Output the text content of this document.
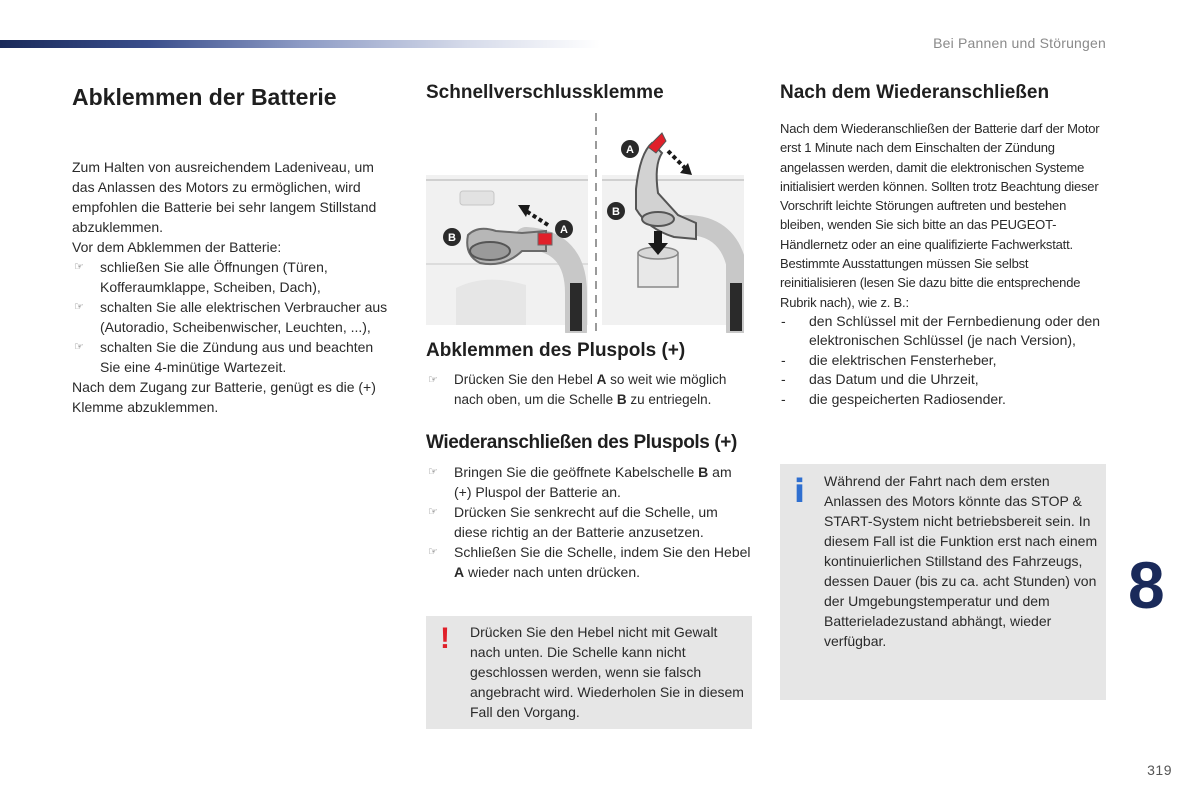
Bei Pannen und Störungen
Abklemmen der Batterie

Zum Halten von ausreichendem Ladeniveau, um das Anlassen des Motors zu ermöglichen, wird empfohlen die Batterie bei sehr langem Stillstand abzuklemmen.

Vor dem Abklemmen der Batterie:

☞ schließen Sie alle Öffnungen (Türen, Kofferaumklappe, Scheiben, Dach),
☞ schalten Sie alle elektrischen Verbraucher aus (Autoradio, Scheibenwischer, Leuchten, ...),
☞ schalten Sie die Zündung aus und beachten Sie eine 4-minütige Wartezeit.

Nach dem Zugang zur Batterie, genügt es die (+) Klemme abzuklemmen.

Schnellverschlussklemme
A
B
A
B
Abklemmen des Pluspols (+)
☞ Drücken Sie den Hebel A so weit wie möglich nach oben, um die Schelle B zu entriegeln.
Wiederanschließen des Pluspols (+)
☞ Bringen Sie die geöffnete Kabelschelle B am (+) Pluspol der Batterie an.
☞ Drücken Sie senkrecht auf die Schelle, um diese richtig an der Batterie anzusetzen.
☞ Schließen Sie die Schelle, indem Sie den Hebel A wieder nach unten drücken.
! Drücken Sie den Hebel nicht mit Gewalt nach unten. Die Schelle kann nicht geschlossen werden, wenn sie falsch angebracht wird. Wiederholen Sie in diesem Fall den Vorgang.
Nach dem Wiederanschließen

Nach dem Wiederanschließen der Batterie darf der Motor erst 1 Minute nach dem Einschalten der Zündung angelassen werden, damit die elektronischen Systeme initialisiert werden können. Sollten trotz Beachtung dieser Vorschrift leichte Störungen auftreten und bestehen bleiben, wenden Sie sich bitte an das PEUGEOT-Händlernetz oder an eine qualifizierte Fachwerkstatt.

Bestimmte Ausstattungen müssen Sie selbst reinitialisieren (lesen Sie dazu bitte die entsprechende Rubrik nach), wie z. B.:

- den Schlüssel mit der Fernbedienung oder den elektronischen Schlüssel (je nach Version),
- die elektrischen Fensterheber,
- das Datum und die Uhrzeit,
- die gespeicherten Radiosender.
i Während der Fahrt nach dem ersten Anlassen des Motors könnte das STOP & START-System nicht betriebsbereit sein. In diesem Fall ist die Funktion erst nach einem kontinuierlichen Stillstand des Fahrzeugs, dessen Dauer (bis zu ca. acht Stunden) von der Umgebungstemperatur und dem Batterieladezustand abhängt, wieder verfügbar.
8
319
